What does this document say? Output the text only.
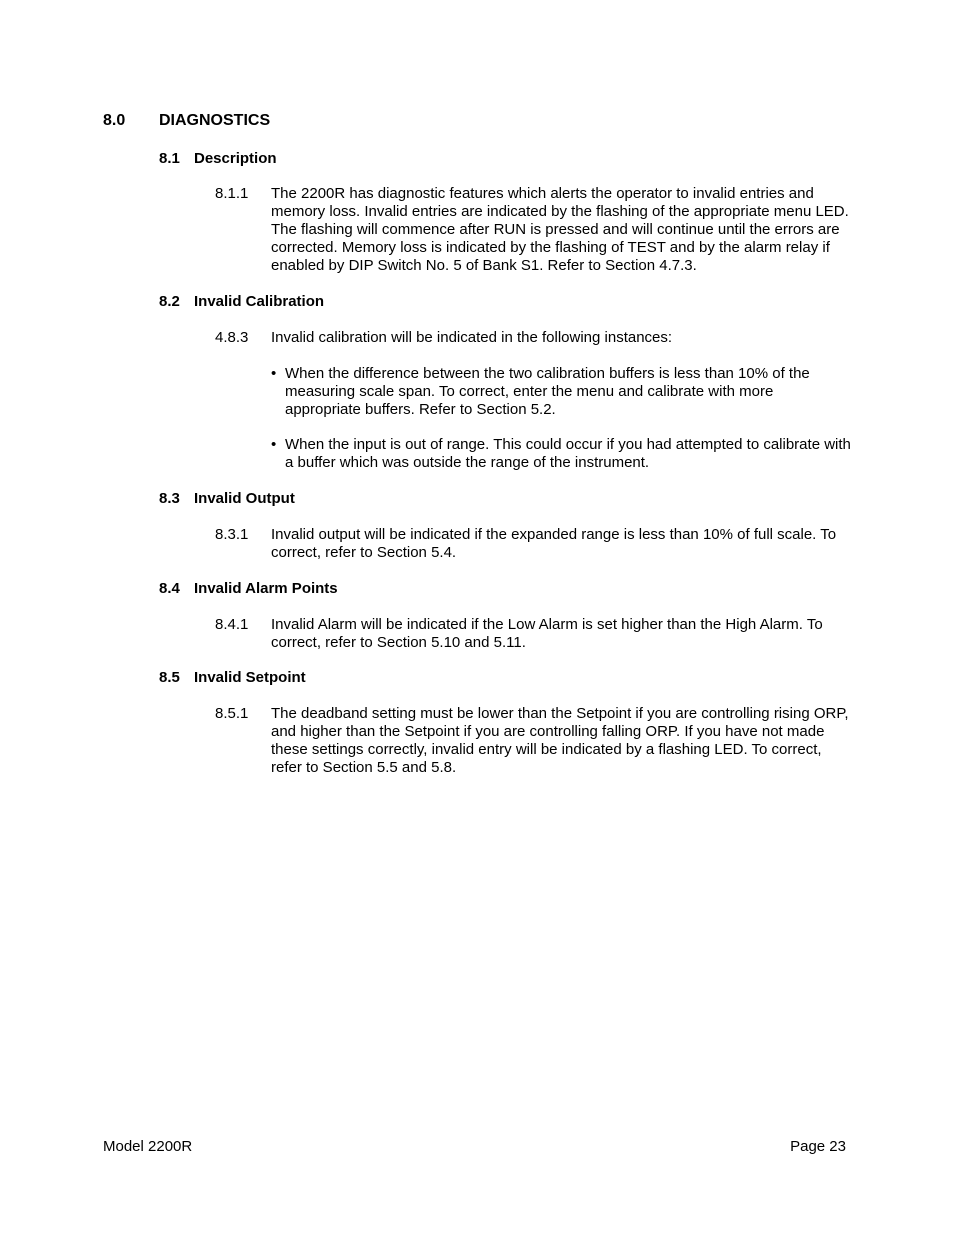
8.0 DIAGNOSTICS
8.1 Description
8.1.1 The 2200R has diagnostic features which alerts the operator to invalid entries and memory loss. Invalid entries are indicated by the flashing of the appropriate menu LED. The flashing will commence after RUN is pressed and will continue until the errors are corrected. Memory loss is indicated by the flashing of TEST and by the alarm relay if enabled by DIP Switch No. 5 of Bank S1. Refer to Section 4.7.3.
8.2 Invalid Calibration
4.8.3 Invalid calibration will be indicated in the following instances:
• When the difference between the two calibration buffers is less than 10% of the measuring scale span. To correct, enter the menu and calibrate with more appropriate buffers. Refer to Section 5.2.
• When the input is out of range. This could occur if you had attempted to calibrate with a buffer which was outside the range of the instrument.
8.3 Invalid Output
8.3.1 Invalid output will be indicated if the expanded range is less than 10% of full scale. To correct, refer to Section 5.4.
8.4 Invalid Alarm Points
8.4.1 Invalid Alarm will be indicated if the Low Alarm is set higher than the High Alarm. To correct, refer to Section 5.10 and 5.11.
8.5 Invalid Setpoint
8.5.1 The deadband setting must be lower than the Setpoint if you are controlling rising ORP, and higher than the Setpoint if you are controlling falling ORP. If you have not made these settings correctly, invalid entry will be indicated by a flashing LED. To correct, refer to Section 5.5 and 5.8.
Model 2200R	Page 23
